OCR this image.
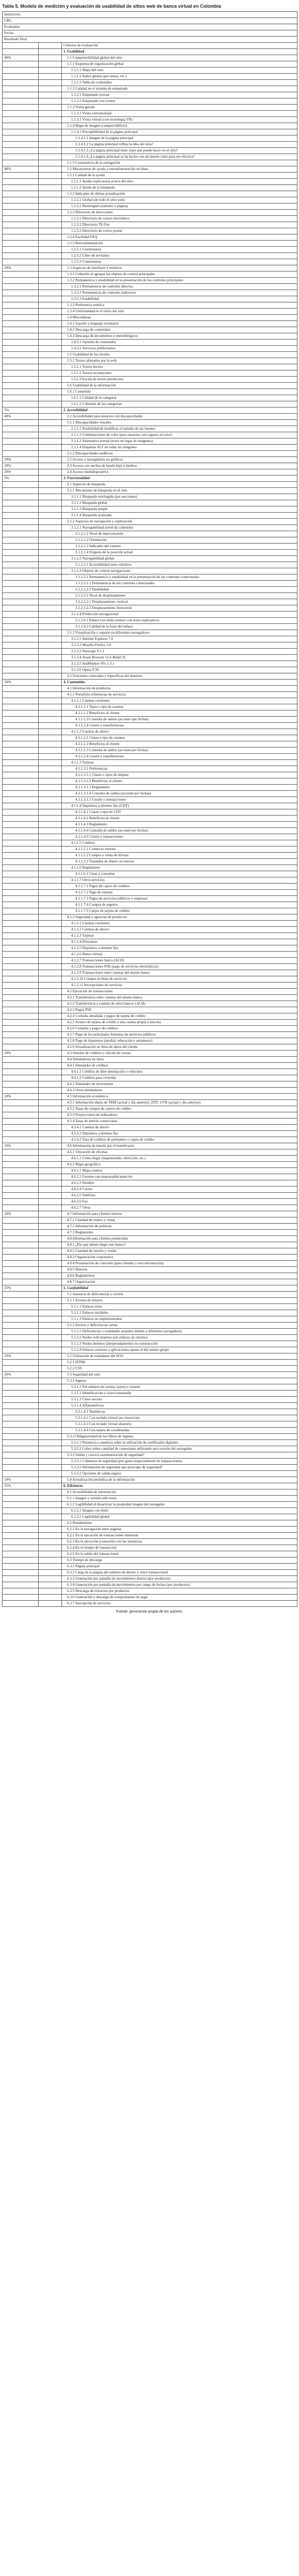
Tabla 5. Modelo de medición y evaluación de usabilidad de sitios web de banca virtual en Colombia
Institución:		
URL:		
Evaluador:		
Fecha:		
Resultado final:		
		Criterios de evaluación
		1. Usabilidad
40%		1.1 Comprensibilidad global del sitio
		1.1.1 Esquema de organización global
		1.1.1.1 Mapa del sitio
		1.1.1.2 Índice global (por temas, etc.)
		1.1.1.3 Tabla de contenidos
		1.1.2 Calidad en el sistema de etiquetado
		1.1.2.1 Etiquetado textual
		1.1.2.2 Etiquetado con iconos
		1.1.3 Visita guiada
		1.1.3.1 Visita convencional
		1.1.3.2 Visita virtual (con tecnología VR)
		1.1.4 Mapa de imagen (campus/edificio)
		1.1.4.1 Perceptibilidad de la página principal
		1.1.4.1.1 Imagen de la página principal
		1.1.4.1.2 La página principal refleja la idea del sitio?
		1.1.4.1.3 ¿La página principal tiene claro qué puede hacer en el sitio?
		1.1.4.1.4 ¿La página principal se ha hecho con un interés claro para ser efectiva?
		1.1.5 Consistencia de la navegación
40%		1.2 Mecanismos de ayuda y retroalimentación en línea
		1.2.1 Calidad de la ayuda
		1.2.1.1 Ayuda explicatoria acerca del sitio
		1.2.1.2 Ayuda de la búsqueda
		1.2.2 Indicador de última actualización
		1.2.2.1 Global (de todo el sitio web)
		1.2.2.2 Restringido (subsitio o página)
		1.2.3 Directorio de direcciones
		1.2.3.1 Directorio de correo electrónico
		1.2.3.2 Directorio TE-Fax
		1.2.3.3 Directorio de correo postal
		1.2.4 Facilidad FAQ
		1.2.5 Retroalimentación
		1.2.5.1 Cuestionario
		1.2.5.2 Libro de invitados
		1.2.5.3 Comentarios
20%		1.3 Aspectos de interfaces y estéticos
		1.3.1 Cohesión al agrupar los objetos de control principales
		1.3.2 Permanencia y estabilidad en la presentación de los controles principales
		1.3.2.1 Permanencia de controles directos
		1.3.2.2 Permanencia de controles indirectos
		1.3.2.3 Estabilidad
		1.3.3 Preferencia estética
		1.3.4 Uniformidad en el estilo del sitio
		1.4 Misceláneas
		1.4.1 Soporte a lenguaje extranjero
		1.4.2 Descarga de contenidos
		1.4.3 Descarga de documentos o metodológicos
		1.4.3.1 Opinión de contenidos
		1.4.3.2 Servicios publicitarios
		1.5 Usabilidad de los niveles
		1.5.1 Textos alineados por la web
		1.5.1.1 Textos breves
		1.5.1.2 Textos secuenciales
		1.5.1.3 Escala de textos (medición)
		1.6 Usabilidad de la información
		1.6.1 Contenido
		1.6.1.1 Calidad de la categoría
		1.6.1.2 Cohesión de las categorías
5%		2. Accesibilidad
40%		2.1 Accesibilidad para usuarios con discapacidades
		2.1.1 Discapacidades visuales
		2.1.1.1 Posibilidad de modificar el tamaño de las fuentes
		2.1.1.2 Combinaciones de color (para usuarios con ceguera al color)
		2.1.1.3 Alternativa textual (texto en lugar de imágenes)
		2.1.1.4 Etiquetas ALT en todas las imágenes
		2.1.2 Discapacidades auditivas
20%		2.2 Acceso a navegadores no gráficos
20%		2.3 Acceso con anchos de banda bajo o medios
20%		2.4 Acceso multidispositivo
5%		3. Funcionalidad
		3.1 Aspectos de búsqueda
		3.1.1 Mecanismo de búsqueda en el sitio
		3.1.1.1 Búsqueda restringida (por secciones)
		3.1.1.2 Búsqueda global
		3.1.1.3 Búsqueda simple
		3.1.1.4 Búsqueda avanzada
		3.1.2 Aspectos de navegación y exploración
		3.1.2.1 Navegabilidad (nivel de cohesión)
		3.1.2.1.1 Nivel de interconexión
		3.1.2.1.2 Orientación
		3.1.2.1.3 Indicador del camino
		3.1.2.1.4 Etiqueta de la posición actual
		3.1.2.2 Navegabilidad global
		3.1.2.2.1 Accesibilidad entre subsitios
		3.1.2.3 Objetos de control navegacional
		3.1.2.3.1 Permanencia y estabilidad en la presentación de los controles contextuales
		3.1.2.3.1.1 Permanencia de los controles contextuales
		3.1.2.3.1.2 Estabilidad
		3.1.2.3.2 Nivel de desplazamiento
		3.1.2.3.2.1 Desplazamiento vertical
		3.1.2.3.2.2 Desplazamiento horizontal
		3.1.2.4 Predicción navegacional
		3.1.2.4.1 Enlace con título (enlace con texto explicativo)
		3.1.2.4.2 Calidad de la frase del enlace
		3.1.3 Visualización y soporte en diferentes navegadores
		3.1.3.1 Internet Explorer 7.0
		3.1.3.2 Mozilla Firefox 3.0
		3.1.3.3 Netscape 9.1.2
		3.1.3.4 Avant Browser 11.6 Build 26
		3.1.3.5 SeaMonkey Pro 1.3.1
		3.1.3.6 Opera 9.50
		3.2 Funciones conocidas y específicas del dominio
50%		4. Contenidos
		4.1 Información de productos
		4.1.1 Portafolio referencias de servicios
		4.1.1.1 Cuentas corrientes
		4.1.1.1.1 Tipos o tipo de cuentas
		4.1.1.1.2 Beneficios al cliente
		4.1.1.1.3 Consulta de saldos (account que fechas)
		4.1.1.1.4 Cesión y transferencias
		4.1.1.2 Cuentas de ahorro
		4.1.1.2.1 Clases o tipo de cuentas
		4.1.1.2.2 Beneficios al cliente
		4.1.1.2.3 Consulta de saldos (account por fechas)
		4.1.1.2.4 Cesión y transferencias
		4.1.1.3 Tarjetas
		4.1.1.3.1 Preferencias
		4.1.1.3.1.1 Clases o tipos de tarjetas
		4.1.1.3.1.2 Beneficios al cliente
		4.1.1.3.1.3 Reglamento
		4.1.1.3.1.4 Consulta de saldos (account por fechas)
		4.1.1.3.1.5 Cesión y transacciones
		4.1.1.4 Depósitos a término fijo (CDT)
		4.1.1.4.1 Clases o tipo de CDT
		4.1.1.4.2 Beneficios al cliente
		4.1.1.4.3 Reglamento
		4.1.1.4.4 Consulta de saldos (account por fechas)
		4.1.1.4.5 Cesión y transacciones
		4.1.1.5 Créditos
		4.1.1.5.1 Comercio externo
		4.1.1.5.2 Compra o venta de divisas
		4.1.1.5.3 Traslados de dinero al exterior
		4.1.1.6 Reglamento
		4.1.1.6.1 Crear y consultas
		4.1.1.7 Otros servicios
		4.1.1.7.1 Pagos de cajero de créditos
		4.1.1.7.2 Pago de tarjetas
		4.1.1.7.3 Pagos de servicios públicos y empresas
		4.1.1.7.4 Compra de seguros
		4.1.1.7.5 Canjes de tarjeta de crédito
		4.1.2 Seguridad y agencias de productos
		4.1.2.1 Cuentas corrientes
		4.1.2.2 Cuentas de ahorro
		4.1.2.3 Tarjetas
		4.1.2.4 Préstamos
		4.1.2.5 Depósitos a término fijo
		4.1.2.6 Banca virtual
		4.1.2.7 Transacciones banca (ACH)
		4.1.2.8 Transacciones PSE (pago de servicios electrónicos)
		4.1.2.9 Transacciones entre cuentas del mismo banco
		4.1.2.10 Compra en línea de servicios
		4.1.2.11 Inscripciones de servicios
		4.2 Ejecución de transacciones
		4.2.1 Transferencia entre cuentas del mismo banco
		4.2.2 Transferencia a cuentas de otros bancos (ACH)
		4.2.3 Pagos PSE
		4.2.4 Consulta detallada y pagos de tarjeta de crédito
		4.2.5 Avance de tarjeta de crédito a una cuenta propia o inscrita
		4.2.6 Consulta y pagos de créditos
		4.2.7 Pago de los principales formatos de servicios públicos
		4.2.8 Pago de impuestos (predial, educación e automotor)
		4.2.9 Actualización en línea de datos del cliente
10%		4.3 Simular de créditos y cálculo de cuotas
		4.4 Simuladores en línea
		4.4.1 Simulador de créditos
		4.4.1.1 Créditos de libre destinación o vehículos
		4.4.1.2 Créditos para vivienda
		4.4.2 Simulador de inversiones
		4.4.3 Otros simuladores
10%		4.5 Información económica
		4.5.1 Información diaria de TRM (actual y día anterior), DTF, UVR (actual y día anterior)
		4.5.2 Tasas de compra de cartera de crédito
		4.5.3 Proyecciones de indicadores
		4.5.4 Tasas de interés comerciales
		4.5.4.1 Cuentas de ahorro
		4.5.4.2 Depósitos a término fijo
		4.5.4.3 Tasa de créditos de préstamos o cupos de crédito
10%		4.6 Información de interés por el beneficiario
		4.6.1 Ubicación de oficinas
		4.6.1.1 Cómo llegar (mapamundis, dirección, etc.)
		4.6.2 Mapa geográfico
		4.6.2.1 Mapa centros
		4.6.2.2 Gerente con responsable/atención
		4.6.2.3 Nombre
		4.6.2.4 Correo
		4.6.2.5 Teléfono
		4.6.2.6 Fax
		4.6.2.7 Otros
10%		4.7 Información para clientes nuevos
		4.7.1 Claridad de enlace y vistas
		4.7.2 Información de políticas
		4.7.3 Reglamento
		4.8 Información para clientes potenciales
		4.8.1 ¿Por qué deben elegir este banco?
		4.8.2 Claridad de misión y visión
		4.8.3 Organización corporativa
		4.8.4 Presentación de convenio (para clientes y otra información)
		4.8.5 Historia
		4.8.6 Reglamentos
		4.8.7 Organización
25%		5. Confiabilidad
		5.1 Ausencia de deficiencias y errores
		5.1.1 Errores de enlaces
		5.1.1.1 Enlaces rotos
		5.1.1.2 Enlaces inválidos
		5.1.1.3 Enlaces no implementados
		5.1.2 Errores y deficiencias varias
		5.1.2.1 Deficiencias o cualidades ausentes debido a diferentes navegadores
		5.1.2.2 Nodos web muertos (sin enlaces de retorno)
		5.1.2.3 Nodos destinos (inesperadamente) en construcción
		5.1.2.4 Enlaces externos a aplicaciones ajenas al del mismo grupo
10%		5.2 Utilización de estándares del W3C
		5.2.1 HTML
		5.2.2 CSS
10%		5.3 Seguridad del sitio
		5.3.1 Ingreso
		5.3.1.1 Por número de cuenta, tarjeta o usuario
		5.3.1.2 Identificación y clave/contraseña
		5.3.1.3 Clave secreta
		5.3.1.4 Alfanuméricas
		5.3.1.4.1 Numéricas
		5.3.1.4.2 Con teclado virtual (en clave/con)
		5.3.1.4.3 Con teclado virtual aleatorio
		5.3.1.4.4 Con tarjeta de coordenadas
		5.3.2 Obligatoriedad de los filtros de ingreso
		5.3.2.1 Presencia o ausencia sobre la utilización de certificados digitales
		5.3.2.2 Cobro sobre cantidad de conexiones utilizando otra versión del navegador
		5.3.3 Salida y cierre/a automatización de seguridad?
		5.3.3.1 Cobertura de seguridad (por gasto (especialmente de transacciones)
		5.3.3.2 Información de seguridad que preocupe de seguridad?
		5.3.3.3 Opciones de salida segura
10%		5.4 Actualización periódica de la información
25%		6. Eficiencia
		6.1 Accesibilidad de información
		6.1.1 Imagen y versión sólo texto
		6.1.2 Legibilidad al desactivar la propiedad imagen del navegador
		6.1.2.1 Imagen con título
		6.1.2.2 Legibilidad global
		6.2 Rendimiento
		6.2.1 En la navegación entre páginas
		6.2.2 En la ejecución de transacciones inmensas
		6.2.3 En la ejecución (conexión) con las instancias
		6.2.4 En el tiempo de transacción
		6.2.5 En la salida del transaccional
		6.3 Tiempo de descarga
		6.3.1 Página principal
		6.3.2 Carga de la página del subsitio de ahorro y clave transaccional
		6.3.3 Generación por pantalla de movimientos diarios (por productos)
		6.3.4 Generación por pantalla de movimientos por rango de fechas (por productos)
		6.3.5 Descarga de extractos por productos
		6.3.6 Generación y descarga de comprobantes de pago
		6.3.7 Inscripción de servicios
Fuente: generación propia de los autores.
